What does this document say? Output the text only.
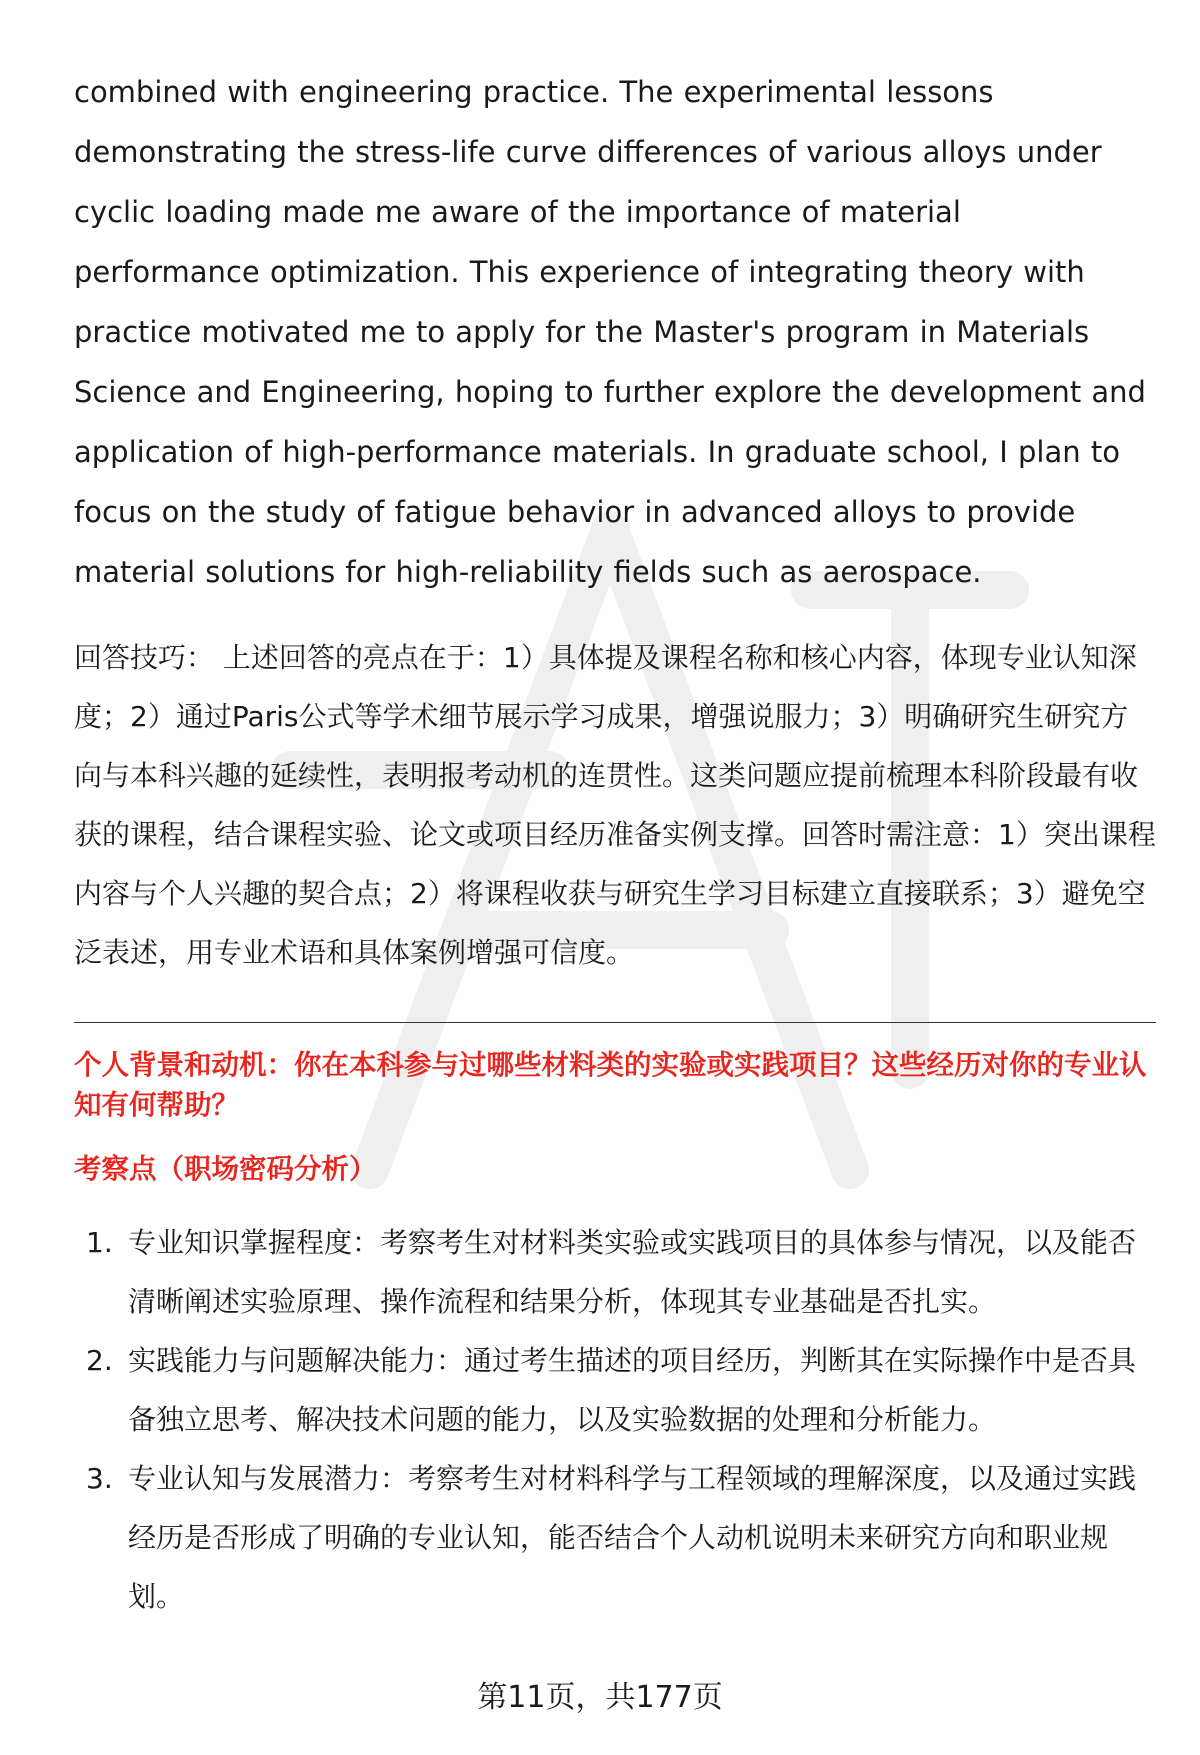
combined with engineering practice. The experimental lessons demonstrating the stress-life curve differences of various alloys under cyclic loading made me aware of the importance of material performance optimization. This experience of integrating theory with practice motivated me to apply for the Master's program in Materials Science and Engineering, hoping to further explore the development and application of high-performance materials. In graduate school, I plan to focus on the study of fatigue behavior in advanced alloys to provide material solutions for high-reliability fields such as aerospace.

回答技巧： 上述回答的亮点在于：1）具体提及课程名称和核心内容，体现专业认知深度；2）通过Paris公式等学术细节展示学习成果，增强说服力；3）明确研究生研究方向与本科兴趣的延续性，表明报考动机的连贯性。这类问题应提前梳理本科阶段最有收获的课程，结合课程实验、论文或项目经历准备实例支撑。回答时需注意：1）突出课程内容与个人兴趣的契合点；2）将课程收获与研究生学习目标建立直接联系；3）避免空泛表述，用专业术语和具体案例增强可信度。

个人背景和动机：你在本科参与过哪些材料类的实验或实践项目？这些经历对你的专业认知有何帮助？
考察点（职场密码分析）
1. 专业知识掌握程度：考察考生对材料类实验或实践项目的具体参与情况，以及能否清晰阐述实验原理、操作流程和结果分析，体现其专业基础是否扎实。
2. 实践能力与问题解决能力：通过考生描述的项目经历，判断其在实际操作中是否具备独立思考、解决技术问题的能力，以及实验数据的处理和分析能力。
3. 专业认知与发展潜力：考察考生对材料科学与工程领域的理解深度，以及通过实践经历是否形成了明确的专业认知，能否结合个人动机说明未来研究方向和职业规划。
第11页，共177页
